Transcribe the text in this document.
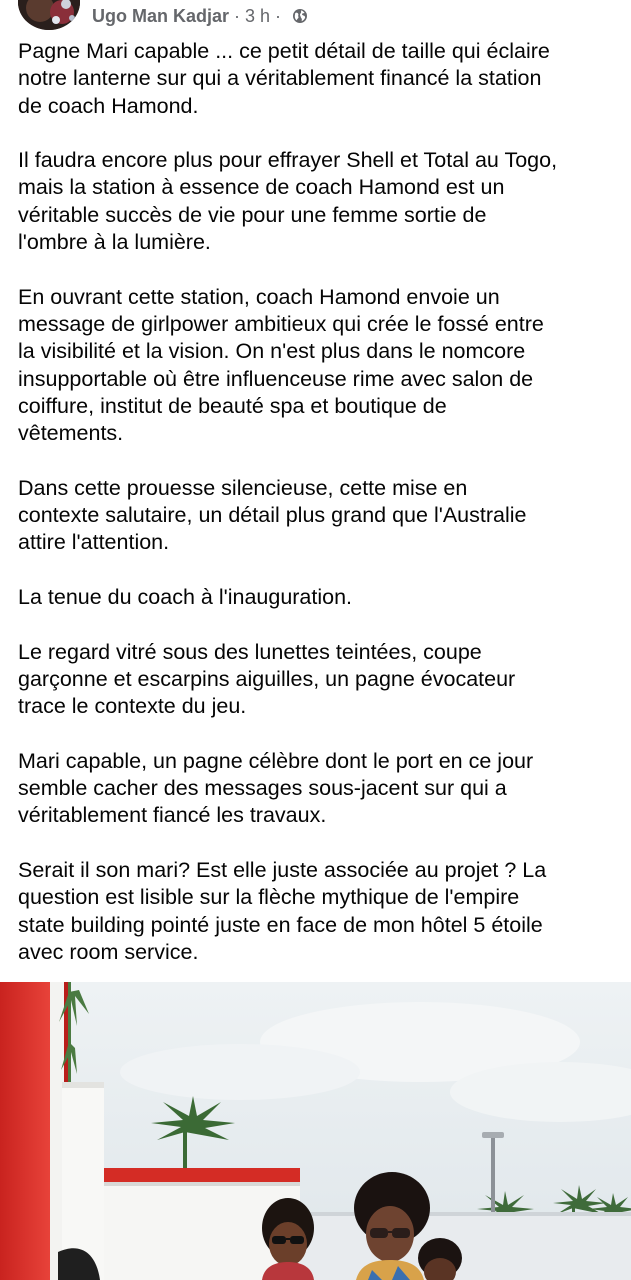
Ugo Man Kadjar · 3 h ·

Pagne Mari capable ... ce petit détail de taille qui éclaire
notre lanterne sur qui a véritablement financé la station
de coach Hamond.

Il faudra encore plus pour effrayer Shell et Total au Togo,
mais la station à essence de coach Hamond est un
véritable succès de vie pour une femme sortie de
l'ombre à la lumière.

En ouvrant cette station, coach Hamond envoie un
message de girlpower ambitieux qui crée le fossé entre
la visibilité et la vision. On n'est plus dans le nomcore
insupportable où être influenceuse rime avec salon de
coiffure, institut de beauté spa et boutique de
vêtements.

Dans cette prouesse silencieuse, cette mise en
contexte salutaire, un détail plus grand que l'Australie
attire l'attention.

La tenue du coach à l'inauguration.

Le regard vitré sous des lunettes teintées, coupe
garçonne et escarpins aiguilles, un pagne évocateur
trace le contexte du jeu.

Mari capable, un pagne célèbre dont le port en ce jour
semble cacher des messages sous-jacent sur qui a
véritablement fiancé les travaux.

Serait il son mari? Est elle juste associée au projet ? La
question est lisible sur la flèche mythique de l'empire
state building pointé juste en face de mon hôtel 5 étoile
avec room service.
